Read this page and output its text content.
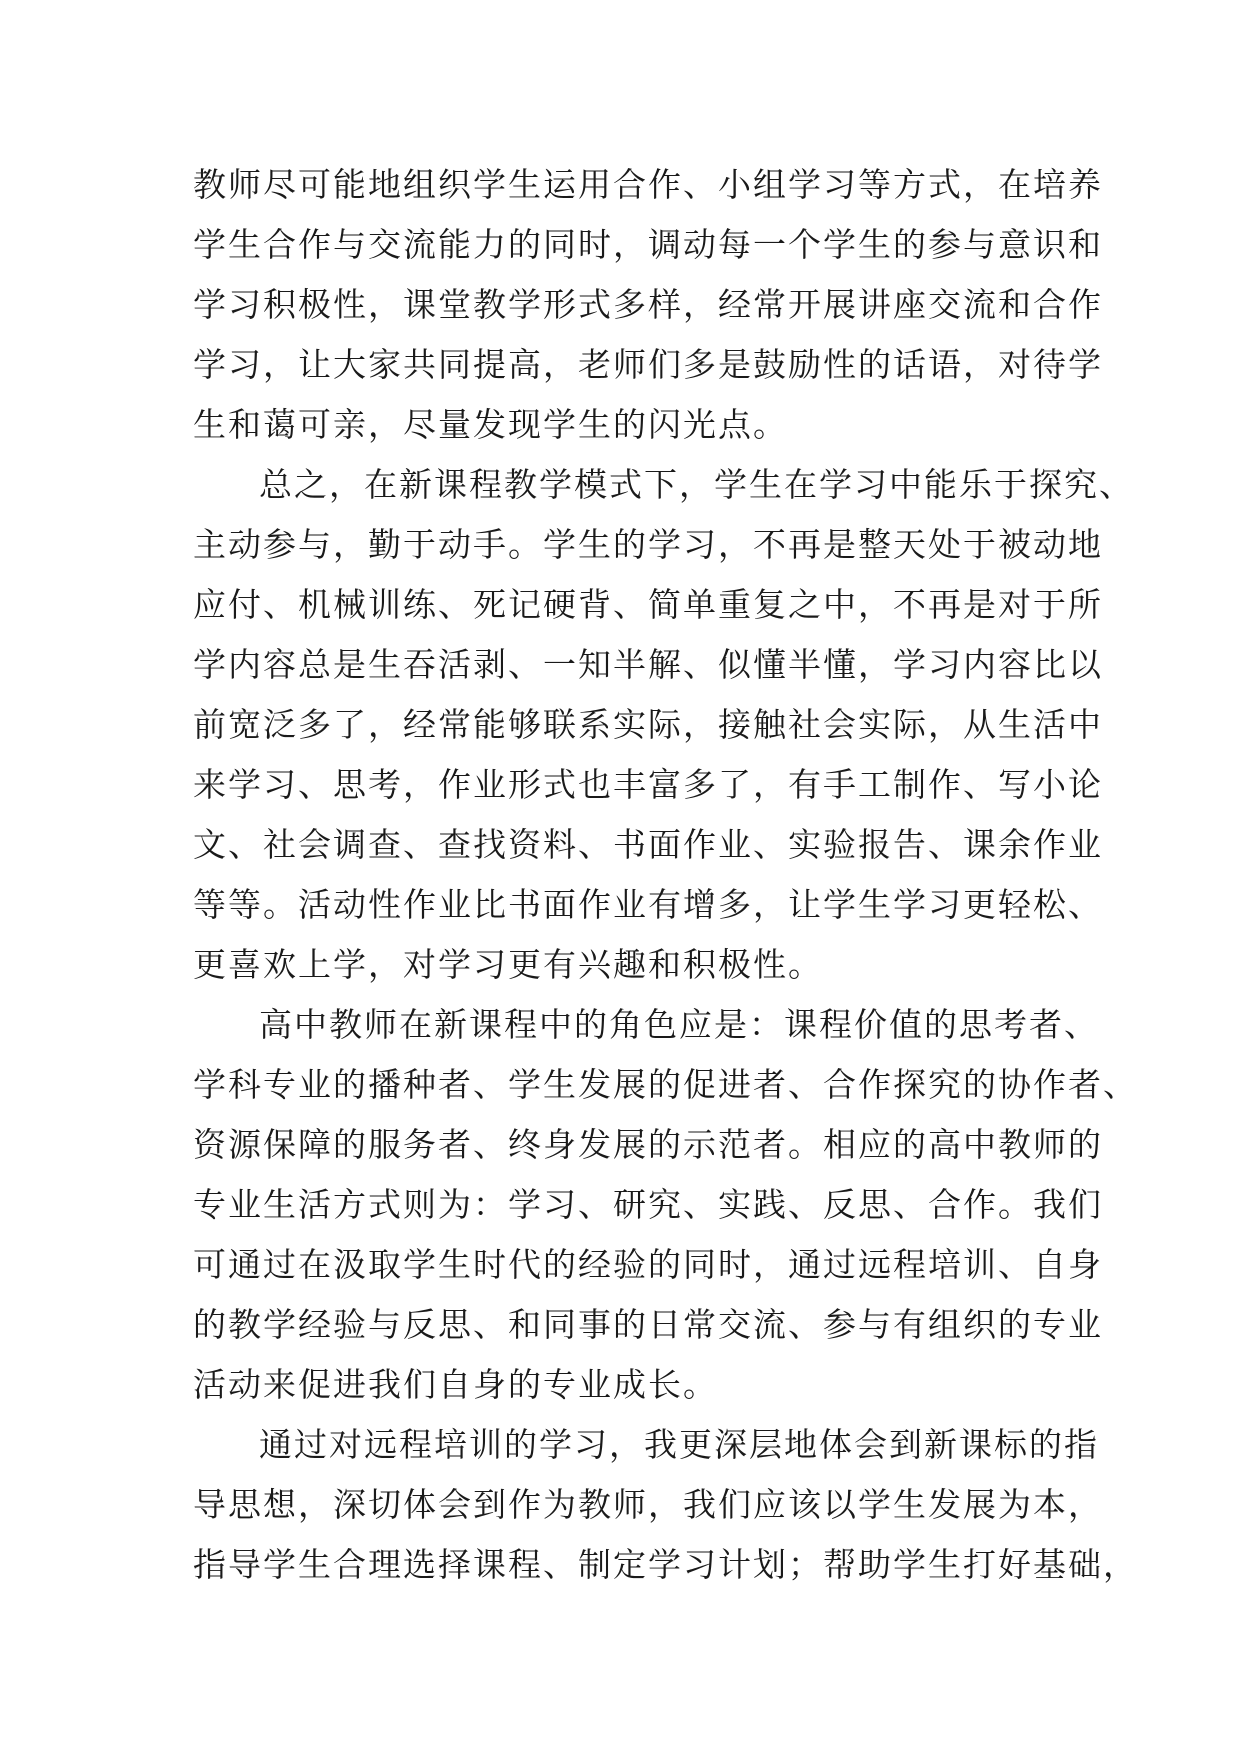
教师尽可能地组织学生运用合作、小组学习等方式，在培养
学生合作与交流能力的同时，调动每一个学生的参与意识和
学习积极性，课堂教学形式多样，经常开展讲座交流和合作
学习，让大家共同提高，老师们多是鼓励性的话语，对待学
生和蔼可亲，尽量发现学生的闪光点。
总之，在新课程教学模式下，学生在学习中能乐于探究、
主动参与，勤于动手。学生的学习，不再是整天处于被动地
应付、机械训练、死记硬背、简单重复之中，不再是对于所
学内容总是生吞活剥、一知半解、似懂半懂，学习内容比以
前宽泛多了，经常能够联系实际，接触社会实际，从生活中
来学习、思考，作业形式也丰富多了，有手工制作、写小论
文、社会调查、查找资料、书面作业、实验报告、课余作业
等等。活动性作业比书面作业有增多，让学生学习更轻松、
更喜欢上学，对学习更有兴趣和积极性。
高中教师在新课程中的角色应是：课程价值的思考者、
学科专业的播种者、学生发展的促进者、合作探究的协作者、
资源保障的服务者、终身发展的示范者。相应的高中教师的
专业生活方式则为：学习、研究、实践、反思、合作。我们
可通过在汲取学生时代的经验的同时，通过远程培训、自身
的教学经验与反思、和同事的日常交流、参与有组织的专业
活动来促进我们自身的专业成长。
通过对远程培训的学习，我更深层地体会到新课标的指
导思想，深切体会到作为教师，我们应该以学生发展为本，
指导学生合理选择课程、制定学习计划；帮助学生打好基础，
